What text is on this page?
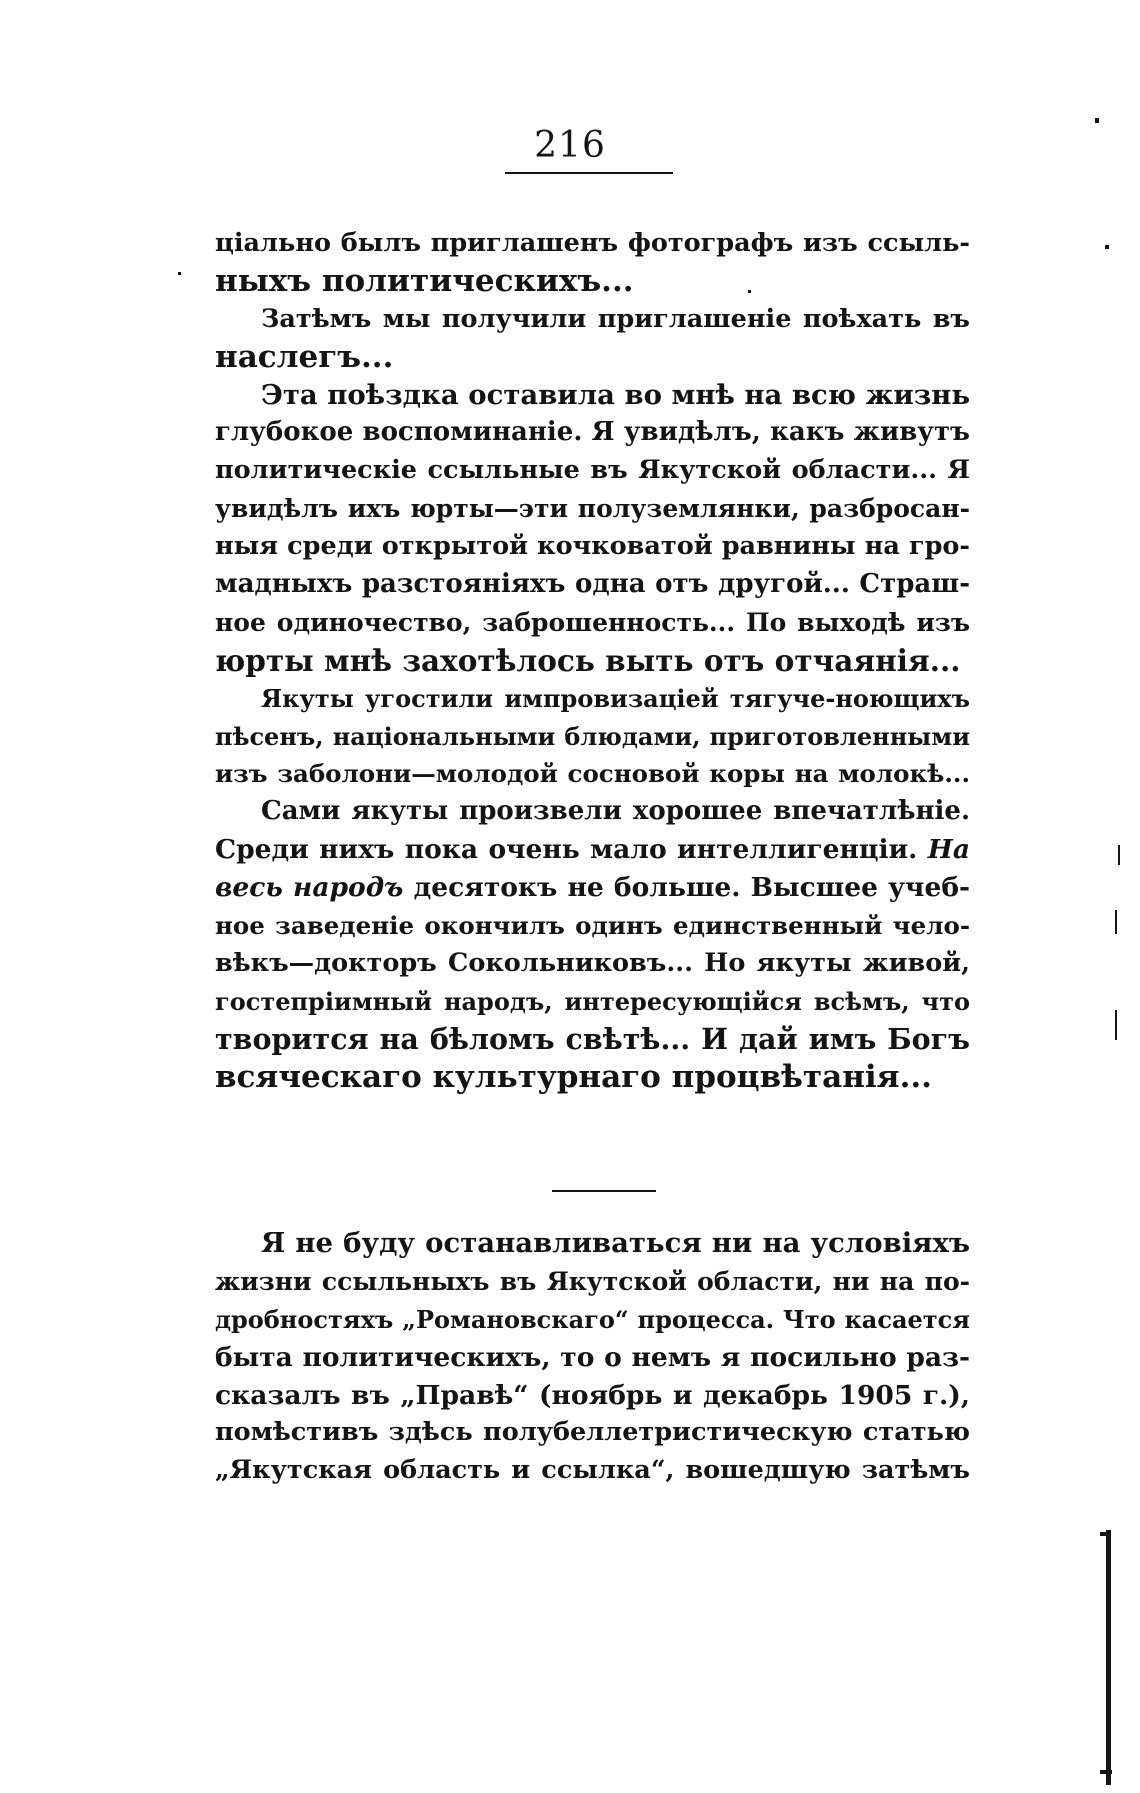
216
ціально былъ приглашенъ фотографъ изъ ссыль-
ныхъ политическихъ...
Затѣмъ мы получили приглашеніе поѣхать въ
наслегъ...
Эта поѣздка оставила во мнѣ на всю жизнь
глубокое воспоминаніе. Я увидѣлъ, какъ живутъ
политическіе ссыльные въ Якутской области... Я
увидѣлъ ихъ юрты—эти полуземлянки, разбросан-
ныя среди открытой кочковатой равнины на гро-
мадныхъ разстояніяхъ одна отъ другой... Страш-
ное одиночество, заброшенность... По выходѣ изъ
юрты мнѣ захотѣлось выть отъ отчаянія...
Якуты угостили импровизаціей тягуче-ноющихъ
пѣсенъ, національными блюдами, приготовленными
изъ заболони—молодой сосновой коры на молокѣ...
Сами якуты произвели хорошее впечатлѣніе.
Среди нихъ пока очень мало интеллигенціи. На
весь народъ десятокъ не больше. Высшее учеб-
ное заведеніе окончилъ одинъ единственный чело-
вѣкъ—докторъ Сокольниковъ... Но якуты живой,
гостепріимный народъ, интересующійся всѣмъ, что
творится на бѣломъ свѣтѣ... И дай имъ Богъ
всяческаго культурнаго процвѣтанія...
Я не буду останавливаться ни на условіяхъ
жизни ссыльныхъ въ Якутской области, ни на по-
дробностяхъ „Романовскаго“ процесса. Что касается
быта политическихъ, то о немъ я посильно раз-
сказалъ въ „Правѣ“ (ноябрь и декабрь 1905 г.),
помѣстивъ здѣсь полубеллетристическую статью
„Якутская область и ссылка“, вошедшую затѣмъ
